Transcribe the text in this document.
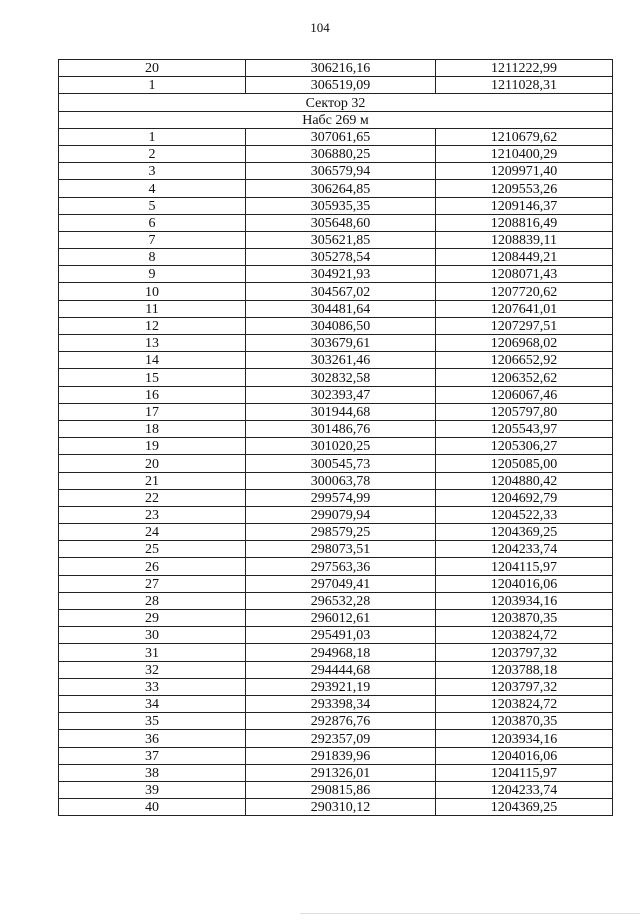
104
20	306216,16	1211222,99
1	306519,09	1211028,31
Сектор 32		
Набс 269 м		
1	307061,65	1210679,62
2	306880,25	1210400,29
3	306579,94	1209971,40
4	306264,85	1209553,26
5	305935,35	1209146,37
6	305648,60	1208816,49
7	305621,85	1208839,11
8	305278,54	1208449,21
9	304921,93	1208071,43
10	304567,02	1207720,62
11	304481,64	1207641,01
12	304086,50	1207297,51
13	303679,61	1206968,02
14	303261,46	1206652,92
15	302832,58	1206352,62
16	302393,47	1206067,46
17	301944,68	1205797,80
18	301486,76	1205543,97
19	301020,25	1205306,27
20	300545,73	1205085,00
21	300063,78	1204880,42
22	299574,99	1204692,79
23	299079,94	1204522,33
24	298579,25	1204369,25
25	298073,51	1204233,74
26	297563,36	1204115,97
27	297049,41	1204016,06
28	296532,28	1203934,16
29	296012,61	1203870,35
30	295491,03	1203824,72
31	294968,18	1203797,32
32	294444,68	1203788,18
33	293921,19	1203797,32
34	293398,34	1203824,72
35	292876,76	1203870,35
36	292357,09	1203934,16
37	291839,96	1204016,06
38	291326,01	1204115,97
39	290815,86	1204233,74
40	290310,12	1204369,25
